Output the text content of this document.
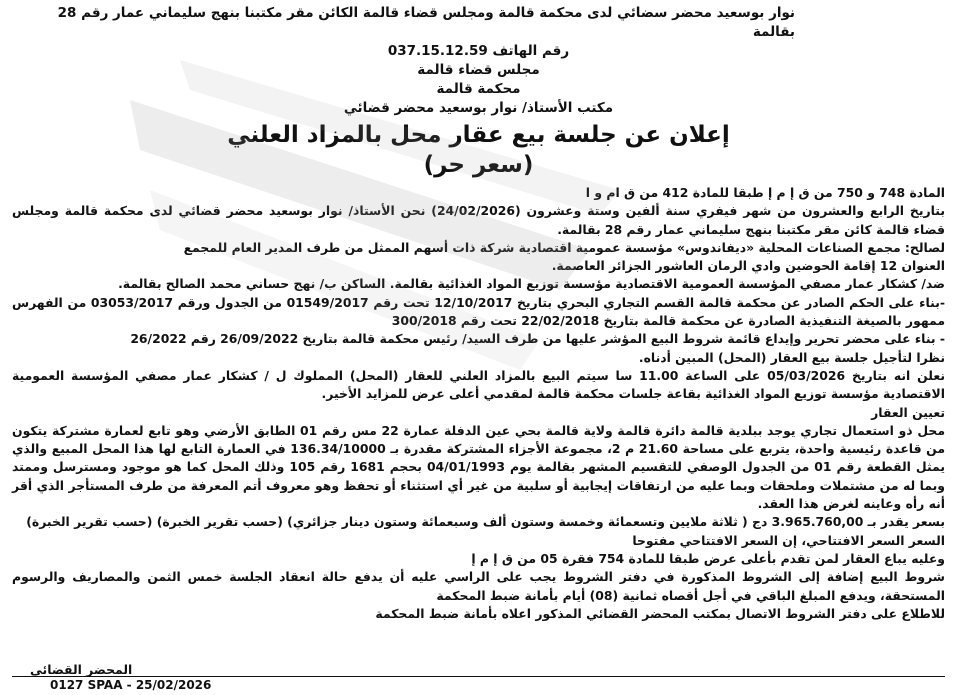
نوار بوسعيد محضر سضائي لدى محكمة قالمة ومجلس قضاء قالمة الكائن مقر مكتبنا بنهج سليماني عمار رقم 28 بقالمة
رقم الهاتف 037.15.12.59
مجلس قضاء قالمة
محكمة قالمة
مكتب الأستاذ/ نوار بوسعيد محضر قضائي
إعلان عن جلسة بيع عقار محل بالمزاد العلني
(سعر حر)

المادة 748 و 750 من ق إ م إ طبقا للمادة 412 من ق ام و ا

بتاريخ الرابع والعشرون من شهر فيفري سنة ألفين وستة وعشرون (24/02/2026) نحن الأستاذ/ نوار بوسعيد محضر قضائي لدى محكمة قالمة ومجلس قضاء قالمة كائن مقر مكتبنا بنهج سليماني عمار رقم 28 بقالمة.

لصالح: مجمع الصناعات المحلية «ديفاندوس» مؤسسة عمومية اقتصادية شركة ذات أسهم الممثل من طرف المدير العام للمجمع

العنوان 12 إقامة الحوضين وادي الرمان العاشور الجزائر العاصمة.

ضد/ كشكار عمار مصفي المؤسسة العمومية الاقتصادية مؤسسة توزيع المواد الغذائية بقالمة. الساكن ب/ نهج حساني محمد الصالح بقالمة.

-بناء على الحكم الصادر عن محكمة قالمة القسم التجاري البحري بتاريخ 12/10/2017 تحت رقم 01549/2017 من الجدول ورقم 03053/2017 من الفهرس ممهور بالصيغة التنفيذية الصادرة عن محكمة قالمة بتاريخ 22/02/2018 تحت رقم 300/2018

- بناء على محضر تحرير وإيداع قائمة شروط البيع المؤشر عليها من طرف السيد/ رئيس محكمة قالمة بتاريخ 26/09/2022 رقم 26/2022

نظرا لتأجيل جلسة بيع العقار (المحل) المبين أدناه.

نعلن انه بتاريخ 05/03/2026 على الساعة 11.00 سا سيتم البيع بالمزاد العلني للعقار (المحل) المملوك ل / كشكار عمار مصفي المؤسسة العمومية الاقتصادية مؤسسة توزيع المواد الغذائية بقاعة جلسات محكمة قالمة لمقدمي أعلى عرض للمزايد الأخير.

تعيين العقار

محل ذو استعمال تجاري يوجد ببلدية قالمة دائرة قالمة ولاية قالمة بحي عين الدفلة عمارة 22 مس رقم 01 الطابق الأرضي وهو تابع لعمارة مشتركة يتكون من قاعدة رئيسية واحدة، يتربع على مساحة 21.60 م 2، مجموعة الأجزاء المشتركة مقدرة بـ 136.34/10000 في العمارة التابع لها هذا المحل المبيع والذي يمثل القطعة رقم 01 من الجدول الوصفي للتقسيم المشهر بقالمة يوم 04/01/1993 بحجم 1681 رقم 105 وذلك المحل كما هو موجود ومسترسل وممتد وبما له من مشتملات وملحقات وبما عليه من ارتفاقات إيجابية أو سلبية من غير أي استثناء أو تحفظ وهو معروف أتم المعرفة من طرف المستأجر الذي أقر أنه رأه وعاينه لغرض هذا العقد.

بسعر يقدر بـ 3.965.760,00 دج ( ثلاثة ملايين وتسعمائة وخمسة وستون ألف وسبعمائة وستون دينار جزائري) (حسب تقرير الخبرة) (حسب تقرير الخبرة)

السعر السعر الافتتاحي، إن السعر الافتتاحي مفتوحا

وعليه يباع العقار لمن تقدم بأعلى عرض طبقا للمادة 754 فقرة 05 من ق إ م إ

شروط البيع إضافة إلى الشروط المذكورة في دفتر الشروط يجب على الراسي عليه أن يدفع حالة انعقاد الجلسة خمس الثمن والمصاريف والرسوم المستحقة، ويدفع المبلغ الباقي في أجل أقصاه ثمانية (08) أيام بأمانة ضبط المحكمة

للاطلاع على دفتر الشروط الاتصال بمكتب المحضر القضائي المذكور اعلاه بأمانة ضبط المحكمة

المحضر القضائي
0127 SPAA - 25/02/2026
